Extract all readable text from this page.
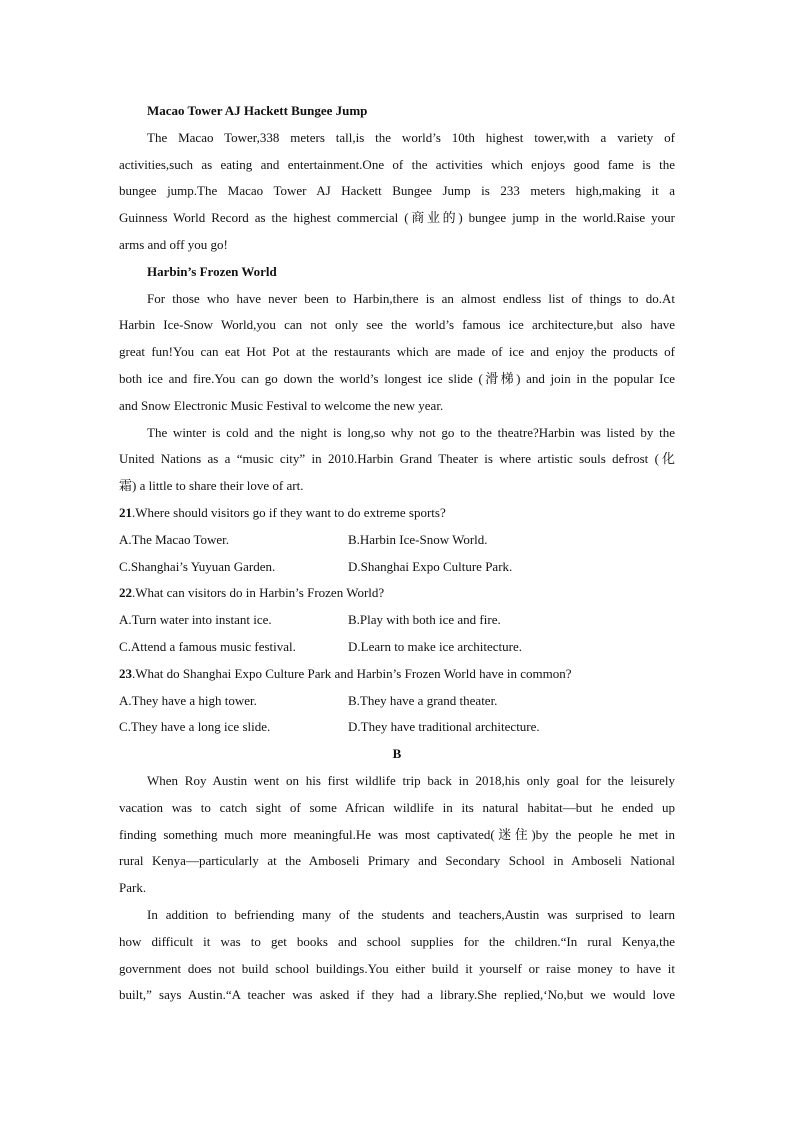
Macao Tower AJ Hackett Bungee Jump
The Macao Tower,338 meters tall,is the world’s 10th highest tower,with a variety of
activities,such as eating and entertainment.One of the activities which enjoys good fame is the
bungee jump.The Macao Tower AJ Hackett Bungee Jump is 233 meters high,making it a
Guinness World Record as the highest commercial (商业的) bungee jump in the world.Raise your
arms and off you go!
Harbin’s Frozen World
For those who have never been to Harbin,there is an almost endless list of things to do.At
Harbin Ice-Snow World,you can not only see the world’s famous ice architecture,but also have
great fun!You can eat Hot Pot at the restaurants which are made of ice and enjoy the products of
both ice and fire.You can go down the world’s longest ice slide (滑梯) and join in the popular Ice
and Snow Electronic Music Festival to welcome the new year.
The winter is cold and the night is long,so why not go to the theatre?Harbin was listed by the
United Nations as a “music city” in 2010.Harbin Grand Theater is where artistic souls defrost (化
霜) a little to share their love of art.
21.Where should visitors go if they want to do extreme sports?
A.The Macao Tower.	B.Harbin Ice-Snow World.
C.Shanghai’s Yuyuan Garden.	D.Shanghai Expo Culture Park.
22.What can visitors do in Harbin’s Frozen World?
A.Turn water into instant ice.	B.Play with both ice and fire.
C.Attend a famous music festival.	D.Learn to make ice architecture.
23.What do Shanghai Expo Culture Park and Harbin’s Frozen World have in common?
A.They have a high tower.	B.They have a grand theater.
C.They have a long ice slide.	D.They have traditional architecture.
B
When Roy Austin went on his first wildlife trip back in 2018,his only goal for the leisurely
vacation was to catch sight of some African wildlife in its natural habitat—but he ended up
finding something much more meaningful.He was most captivated(迷住)by the people he met in
rural Kenya—particularly at the Amboseli Primary and Secondary School in Amboseli National
Park.
In addition to befriending many of the students and teachers,Austin was surprised to learn
how difficult it was to get books and school supplies for the children.“In rural Kenya,the
government does not build school buildings.You either build it yourself or raise money to have it
built,” says Austin.“A teacher was asked if they had a library.She replied,‘No,but we would love
